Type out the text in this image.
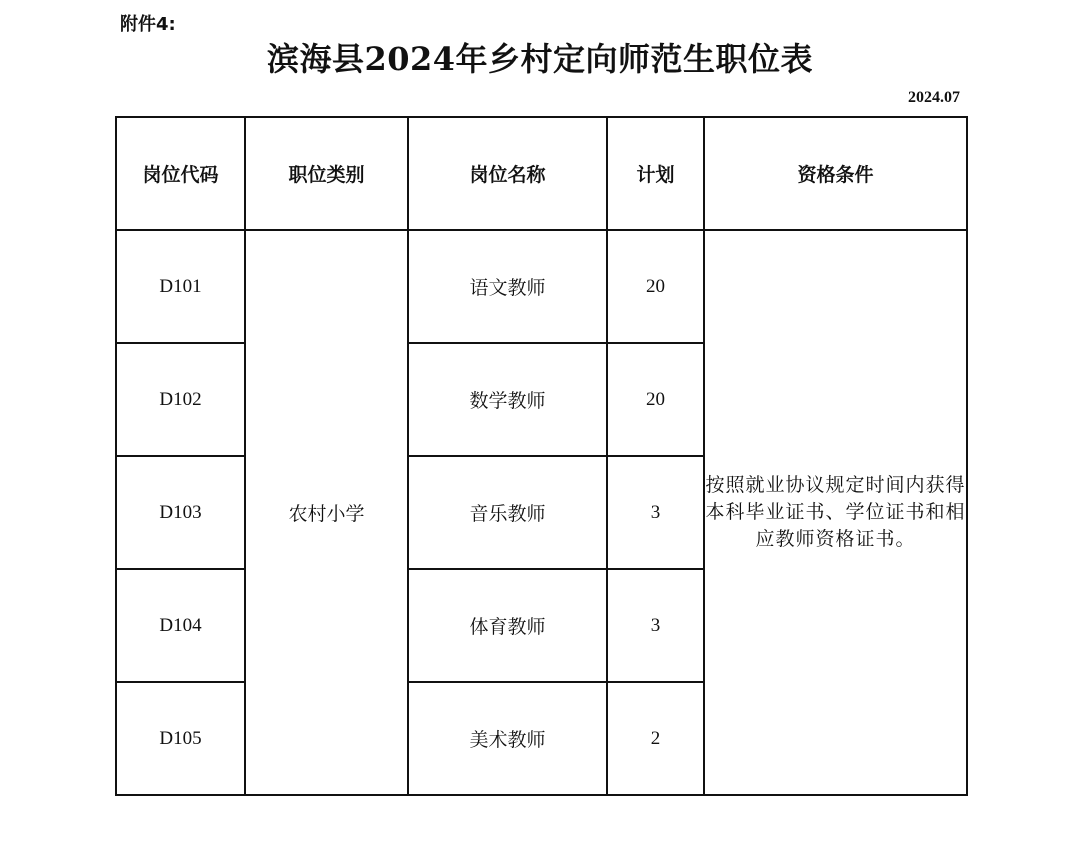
附件4:
滨海县2024年乡村定向师范生职位表
2024.07
岗位代码	职位类别	岗位名称	计划	资格条件
D101	农村小学	语文教师	20	按照就业协议规定时间内获得本科毕业证书、学位证书和相应教师资格证书。
D102		数学教师	20	
D103		音乐教师	3	
D104		体育教师	3	
D105		美术教师	2	
